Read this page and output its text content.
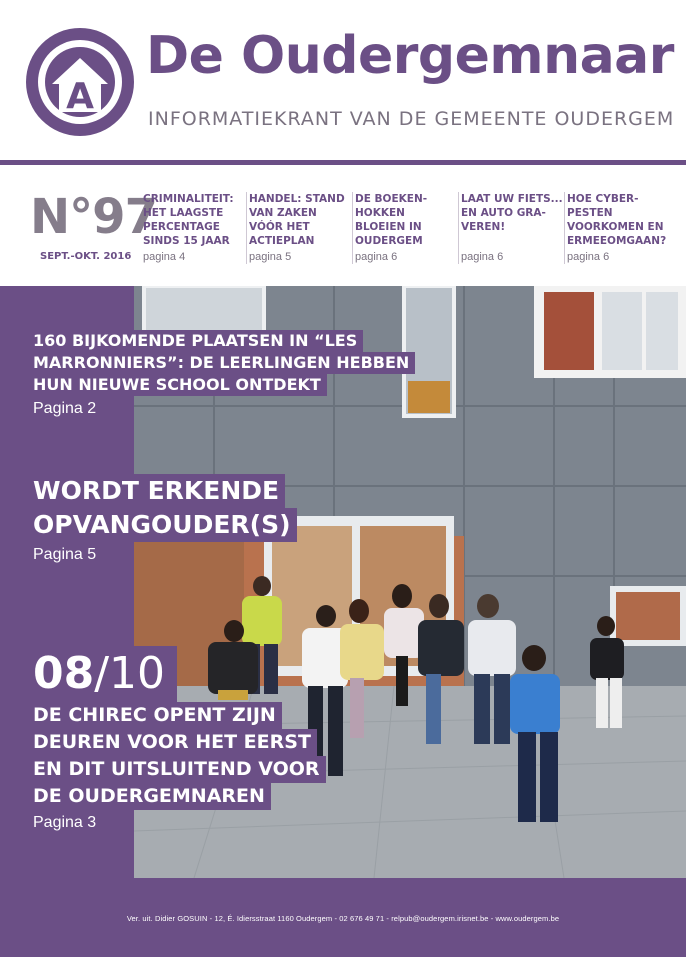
A
De Oudergemnaar
INFORMATIEKRANT VAN DE GEMEENTE OUDERGEM
N°97
SEPT.-OKT. 2016
CRIMINALITEIT:
HET LAAGSTE
PERCENTAGE
SINDS 15 JAAR
pagina 4
HANDEL: STAND
VAN ZAKEN
VÓÓR HET
ACTIEPLAN
pagina 5
DE BOEKEN-
HOKKEN
BLOEIEN IN
OUDERGEM
pagina 6
LAAT UW FIETS...
EN AUTO GRA-
VEREN!
pagina 6
HOE CYBER-
PESTEN
VOORKOMEN EN
ERMEEOMGAAN?
pagina 6
160 BIJKOMENDE PLAATSEN IN “LES
MARRONNIERS”: DE LEERLINGEN HEBBEN
HUN NIEUWE SCHOOL ONTDEKT
Pagina 2
WORDT ERKENDE
OPVANGOUDER(S)
Pagina 5
08/10
DE CHIREC OPENT ZIJN
DEUREN VOOR HET EERST
EN DIT UITSLUITEND VOOR
DE OUDERGEMNAREN
Pagina 3
Ver. uit. Didier GOSUIN - 12, É. Idiersstraat 1160 Oudergem - 02 676 49 71 - relpub@oudergem.irisnet.be - www.oudergem.be
